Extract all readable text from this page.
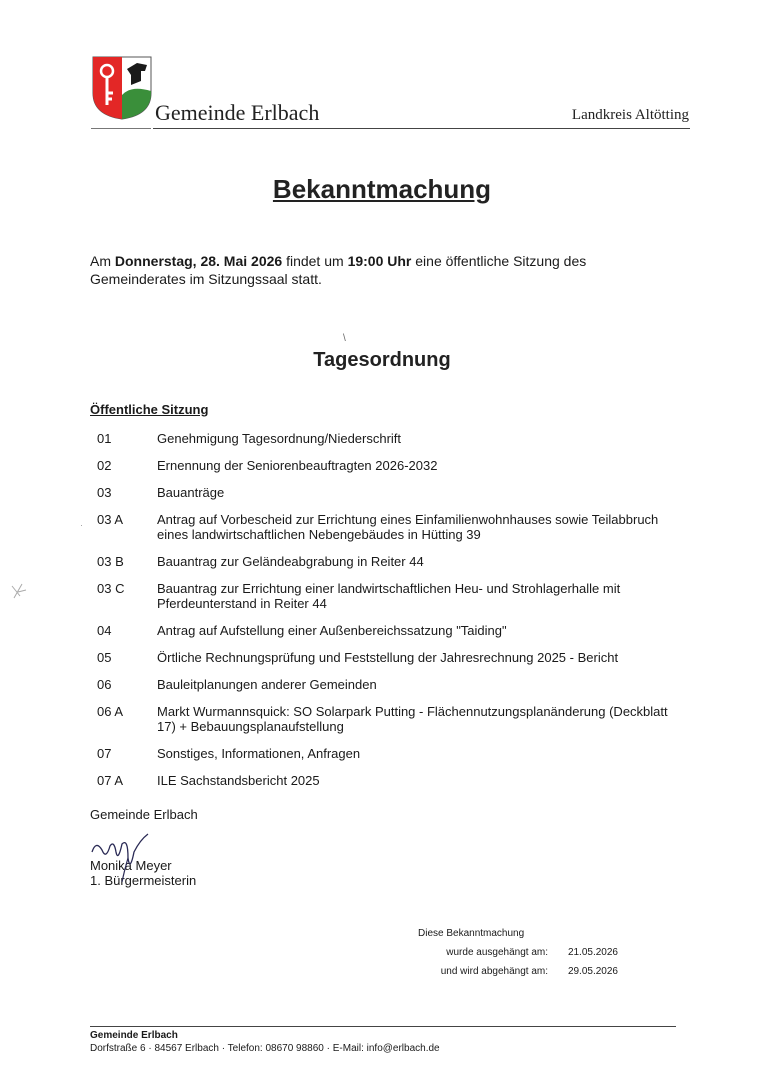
Gemeinde Erlbach	Landkreis Altötting
Bekanntmachung
Am Donnerstag, 28. Mai 2026 findet um 19:00 Uhr eine öffentliche Sitzung des Gemeinderates im Sitzungssaal statt.
\
Tagesordnung
Öffentliche Sitzung
01	Genehmigung Tagesordnung/Niederschrift
02	Ernennung der Seniorenbeauftragten 2026-2032
03	Bauanträge
03 A	Antrag auf Vorbescheid zur Errichtung eines Einfamilienwohnhauses sowie Teilabbruch eines landwirtschaftlichen Nebengebäudes in Hütting 39
03 B	Bauantrag zur Geländeabgrabung in Reiter 44
03 C	Bauantrag zur Errichtung einer landwirtschaftlichen Heu- und Strohlagerhalle mit Pferdeunterstand in Reiter 44
04	Antrag auf Aufstellung einer Außenbereichssatzung "Taiding"
05	Örtliche Rechnungsprüfung und Feststellung der Jahresrechnung 2025 - Bericht
06	Bauleitplanungen anderer Gemeinden
06 A	Markt Wurmannsquick: SO Solarpark Putting - Flächennutzungsplanänderung (Deckblatt 17) + Bebauungsplanaufstellung
07	Sonstiges, Informationen, Anfragen
07 A	ILE Sachstandsbericht 2025
Gemeinde Erlbach
Monika Meyer
1. Bürgermeisterin
Diese Bekanntmachung
wurde ausgehängt am:	21.05.2026
und wird abgehängt am:	29.05.2026
Gemeinde Erlbach
Dorfstraße 6 · 84567 Erlbach · Telefon: 08670 98860 · E-Mail: info@erlbach.de
·
